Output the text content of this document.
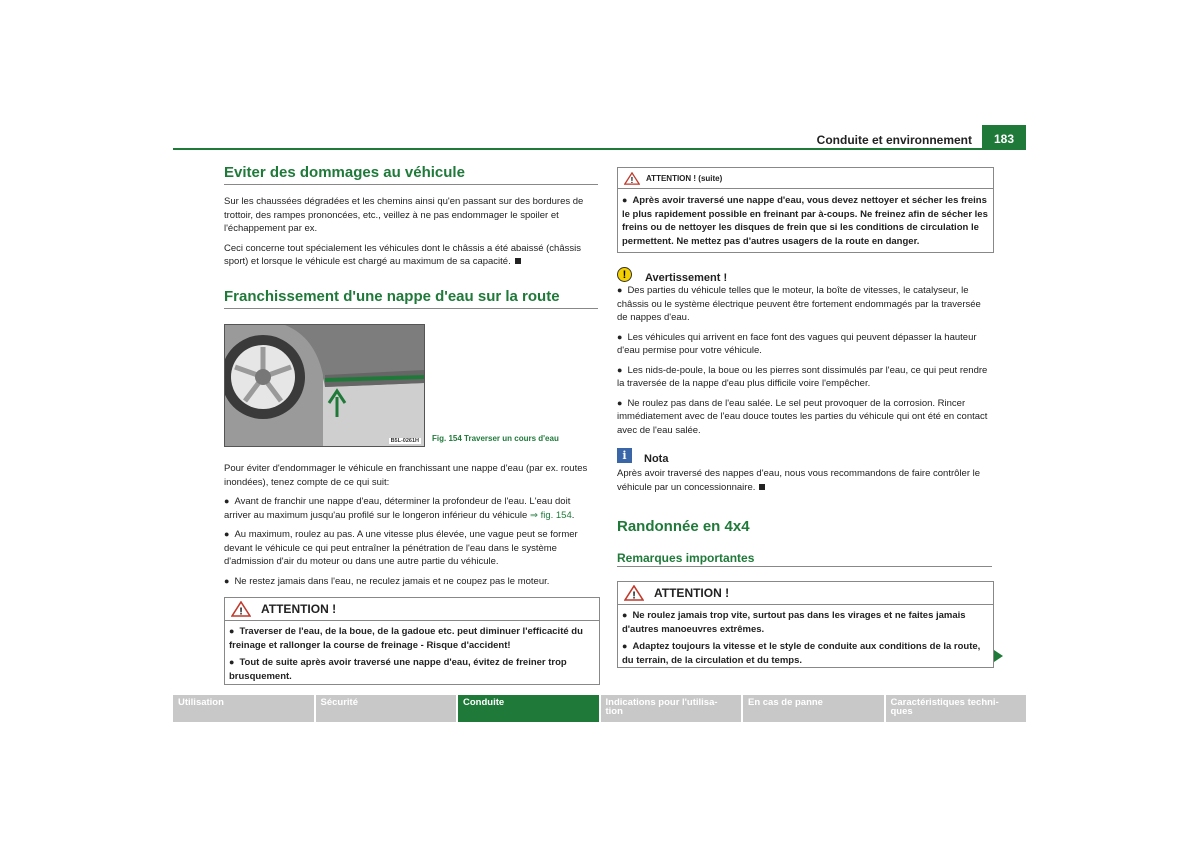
Conduite et environnement	183
Eviter des dommages au véhicule

Sur les chaussées dégradées et les chemins ainsi qu'en passant sur des bordures de trottoir, des rampes prononcées, etc., veillez à ne pas endommager le spoiler et l'échappement par ex.

Ceci concerne tout spécialement les véhicules dont le châssis a été abaissé (châssis sport) et lorsque le véhicule est chargé au maximum de sa capacité.

Franchissement d'une nappe d'eau sur la route
B5L-0261H Fig. 154 Traverser un cours d'eau

Pour éviter d'endommager le véhicule en franchissant une nappe d'eau (par ex. routes inondées), tenez compte de ce qui suit:

● Avant de franchir une nappe d'eau, déterminer la profondeur de l'eau. L'eau doit arriver au maximum jusqu'au profilé sur le longeron inférieur du véhicule ⇒ fig. 154.

● Au maximum, roulez au pas. A une vitesse plus élevée, une vague peut se former devant le véhicule ce qui peut entraîner la pénétration de l'eau dans le système d'admission d'air du moteur ou dans une autre partie du véhicule.

● Ne restez jamais dans l'eau, ne reculez jamais et ne coupez pas le moteur.

! ATTENTION !

● Traverser de l'eau, de la boue, de la gadoue etc. peut diminuer l'efficacité du freinage et rallonger la course de freinage - Risque d'accident!

● Tout de suite après avoir traversé une nappe d'eau, évitez de freiner trop brusquement.

! ATTENTION ! (suite)

● Après avoir traversé une nappe d'eau, vous devez nettoyer et sécher les freins le plus rapidement possible en freinant par à-coups. Ne freinez afin de sécher les freins ou de nettoyer les disques de frein que si les conditions de circulation le permettent. Ne mettez pas d'autres usagers de la route en danger.

!	Avertissement !

● Des parties du véhicule telles que le moteur, la boîte de vitesses, le catalyseur, le châssis ou le système électrique peuvent être fortement endommagés par la traversée de nappes d'eau.

● Les véhicules qui arrivent en face font des vagues qui peuvent dépasser la hauteur d'eau permise pour votre véhicule.

● Les nids-de-poule, la boue ou les pierres sont dissimulés par l'eau, ce qui peut rendre la traversée de la nappe d'eau plus difficile voire l'empêcher.

● Ne roulez pas dans de l'eau salée. Le sel peut provoquer de la corrosion. Rincer immédiatement avec de l'eau douce toutes les parties du véhicule qui ont été en contact avec de l'eau salée.

i	Nota

Après avoir traversé des nappes d'eau, nous vous recommandons de faire contrôler le véhicule par un concessionnaire.

Randonnée en 4x4
Remarques importantes
! ATTENTION !

● Ne roulez jamais trop vite, surtout pas dans les virages et ne faites jamais d'autres manoeuvres extrêmes.

● Adaptez toujours la vitesse et le style de conduite aux conditions de la route, du terrain, de la circulation et du temps.

Utilisation	Sécurité	Conduite	Indications pour l'utilisa-
tion
En cas de panne	Caractéristiques techni-
ques
